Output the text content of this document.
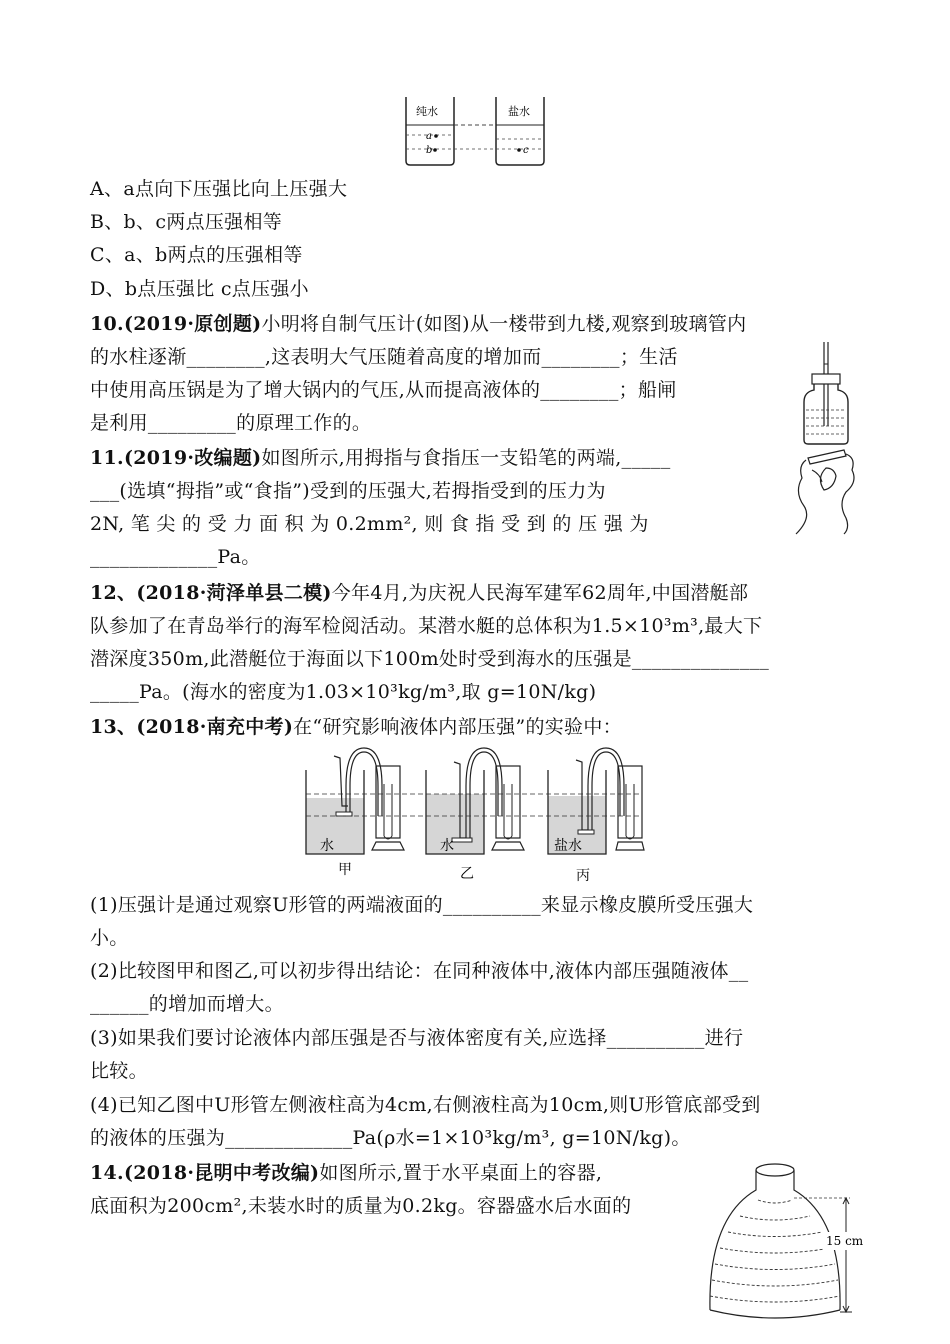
纯水	盐水
a
b	c
A、a点向下压强比向上压强大
B、b、c两点压强相等
C、a、b两点的压强相等
D、b点压强比 c点压强小
10.(2019·原创题)小明将自制气压计(如图)从一楼带到九楼,观察到玻璃管内
的水柱逐渐________,这表明大气压随着高度的增加而________；生活
中使用高压锅是为了增大锅内的气压,从而提高液体的________；船闸
是利用_________的原理工作的。
11.(2019·改编题)如图所示,用拇指与食指压一支铅笔的两端,_____
___(选填“拇指”或“食指”)受到的压强大,若拇指受到的压力为
2N, 笔 尖 的 受 力 面 积 为 0.2mm², 则 食 指 受 到 的 压 强 为
_____________Pa。
12、(2018·菏泽单县二模)今年4月,为庆祝人民海军建军62周年,中国潜艇部
队参加了在青岛举行的海军检阅活动。某潜水艇的总体积为1.5×10³m³,最大下
潜深度350m,此潜艇位于海面以下100m处时受到海水的压强是______________
_____Pa。(海水的密度为1.03×10³kg/m³,取 g=10N/kg)
13、(2018·南充中考)在“研究影响液体内部压强”的实验中：
水	水	盐水
甲	乙	丙
(1)压强计是通过观察U形管的两端液面的__________来显示橡皮膜所受压强大
小。
(2)比较图甲和图乙,可以初步得出结论：在同种液体中,液体内部压强随液体__
______的增加而增大。
(3)如果我们要讨论液体内部压强是否与液体密度有关,应选择__________进行
比较。
(4)已知乙图中U形管左侧液柱高为4cm,右侧液柱高为10cm,则U形管底部受到
的液体的压强为_____________Pa(ρ水=1×10³kg/m³, g=10N/kg)。
14.(2018·昆明中考改编)如图所示,置于水平桌面上的容器,
底面积为200cm²,未装水时的质量为0.2kg。容器盛水后水面的
15 cm
